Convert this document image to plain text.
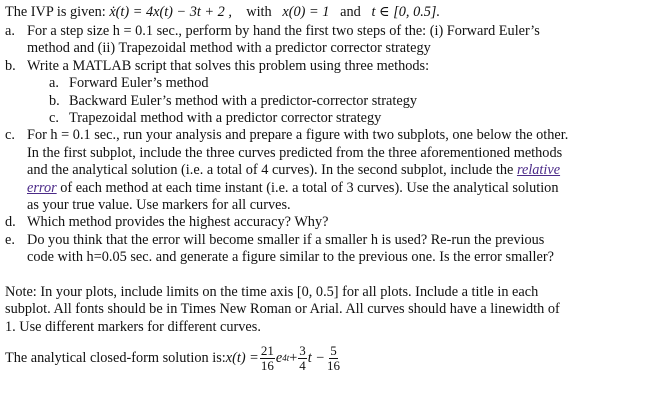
The IVP is given: ẋ(t) = 4x(t) − 3t + 2 , with x(0) = 1 and t ∈ [0, 0.5].
a. For a step size h = 0.1 sec., perform by hand the first two steps of the: (i) Forward Euler’s
method and (ii) Trapezoidal method with a predictor corrector strategy
b. Write a MATLAB script that solves this problem using three methods:
a. Forward Euler’s method
b. Backward Euler’s method with a predictor-corrector strategy
c. Trapezoidal method with a predictor corrector strategy
c. For h = 0.1 sec., run your analysis and prepare a figure with two subplots, one below the other.
In the first subplot, include the three curves predicted from the three aforementioned methods
and the analytical solution (i.e. a total of 4 curves). In the second subplot, include the relative
error of each method at each time instant (i.e. a total of 3 curves). Use the analytical solution
as your true value. Use markers for all curves.
d. Which method provides the highest accuracy? Why?
e. Do you think that the error will become smaller if a smaller h is used? Re-run the previous
code with h=0.05 sec. and generate a figure similar to the previous one. Is the error smaller?
Note: In your plots, include limits on the time axis [0, 0.5] for all plots. Include a title in each
subplot. All fonts should be in Times New Roman or Arial. All curves should have a linewidth of
1. Use different markers for different curves.
The analytical closed-form solution is: $x(t) = \frac{21}{16}$ e $4t + \frac{3}{4}$ $t - \frac{5}{16}$
